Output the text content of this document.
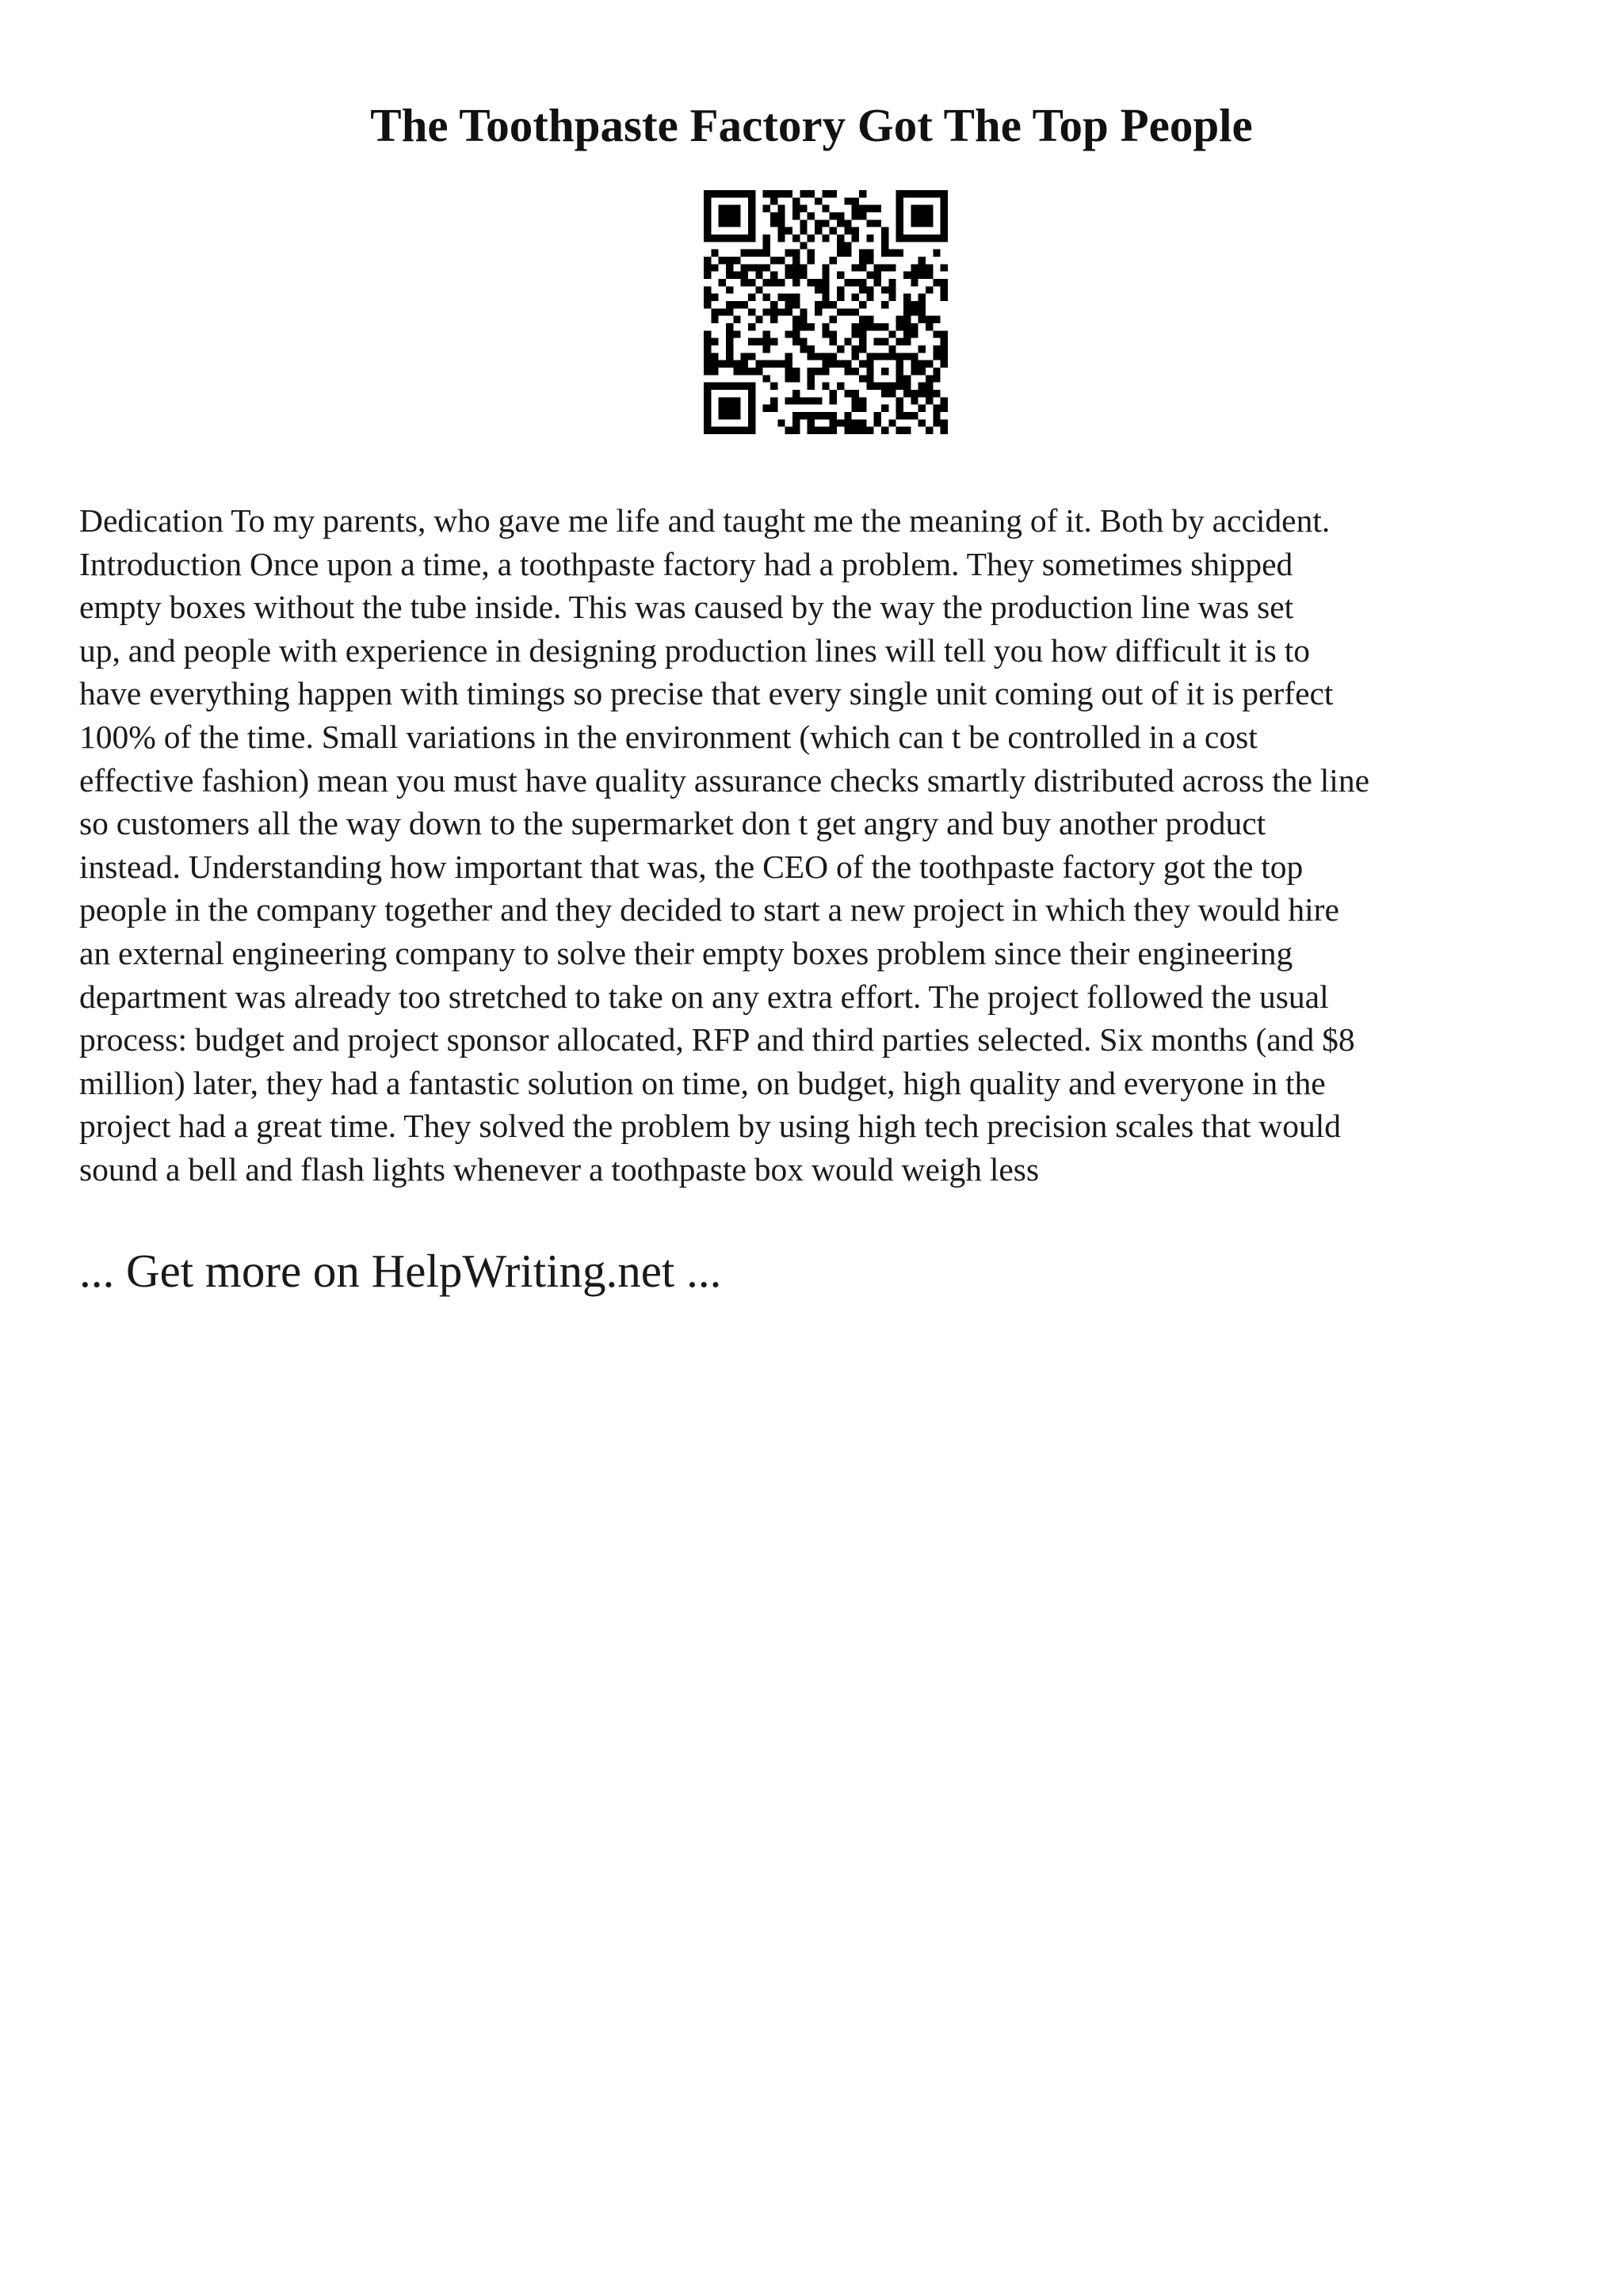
The Toothpaste Factory Got The Top People

Dedication To my parents, who gave me life and taught me the meaning of it. Both by accident.
Introduction Once upon a time, a toothpaste factory had a problem. They sometimes shipped
empty boxes without the tube inside. This was caused by the way the production line was set
up, and people with experience in designing production lines will tell you how difficult it is to
have everything happen with timings so precise that every single unit coming out of it is perfect
100% of the time. Small variations in the environment (which can t be controlled in a cost
effective fashion) mean you must have quality assurance checks smartly distributed across the line
so customers all the way down to the supermarket don t get angry and buy another product
instead. Understanding how important that was, the CEO of the toothpaste factory got the top
people in the company together and they decided to start a new project in which they would hire
an external engineering company to solve their empty boxes problem since their engineering
department was already too stretched to take on any extra effort. The project followed the usual
process: budget and project sponsor allocated, RFP and third parties selected. Six months (and $8
million) later, they had a fantastic solution on time, on budget, high quality and everyone in the
project had a great time. They solved the problem by using high tech precision scales that would
sound a bell and flash lights whenever a toothpaste box would weigh less

... Get more on HelpWriting.net ...
